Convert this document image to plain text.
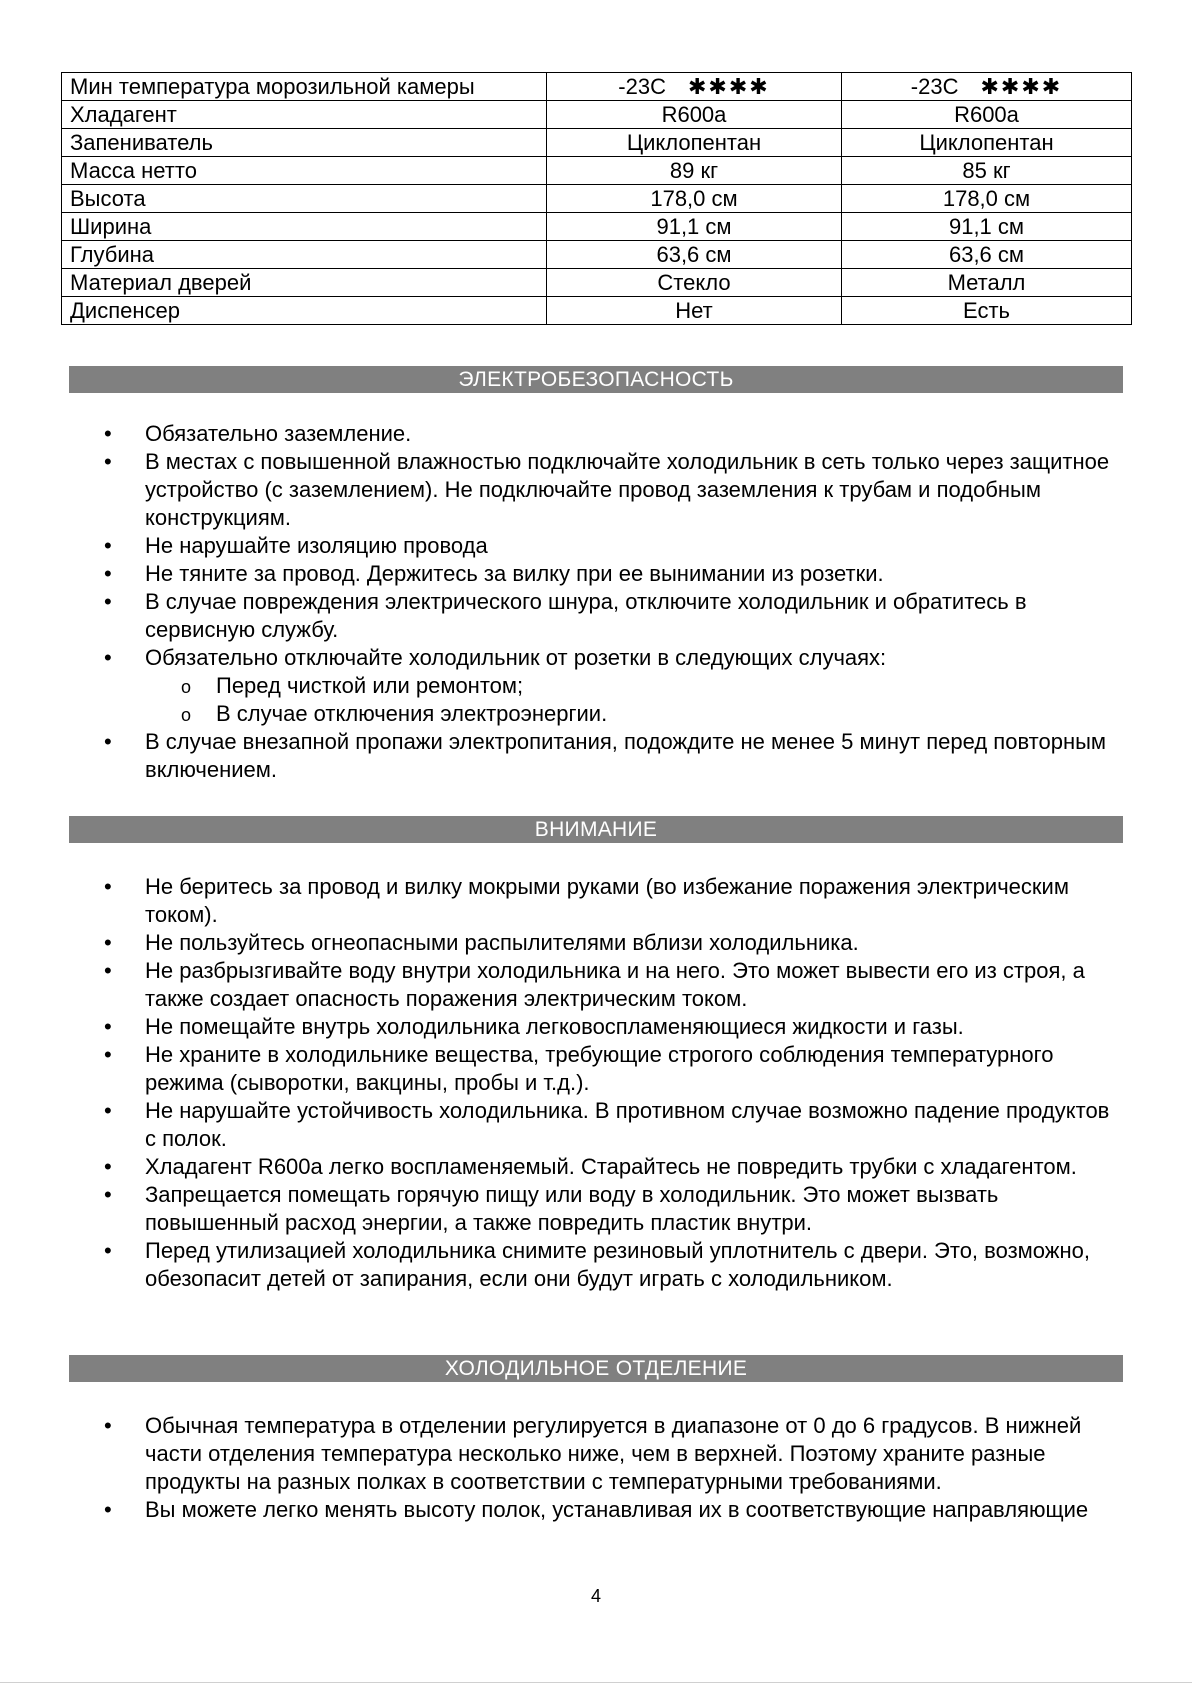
Мин температура морозильной камеры	-23С ✱✱✱✱	-23С ✱✱✱✱
Хладагент	R600a	R600a
Запениватель	Циклопентан	Циклопентан
Масса нетто	89 кг	85 кг
Высота	178,0 см	178,0 см
Ширина	91,1 см	91,1 см
Глубина	63,6 см	63,6 см
Материал дверей	Стекло	Металл
Диспенсер	Нет	Есть
ЭЛЕКТРОБЕЗОПАСНОСТЬ
• Обязательно заземление.
• В местах с повышенной влажностью подключайте холодильник в сеть только через защитное устройство (с заземлением). Не подключайте провод заземления к трубам и подобным конструкциям.
• Не нарушайте изоляцию провода
• Не тяните за провод. Держитесь за вилку при ее вынимании из розетки.
• В случае повреждения электрического шнура, отключите холодильник и обратитесь в сервисную службу.
• Обязательно отключайте холодильник от розетки в следующих случаях:
o Перед чисткой или ремонтом;
o В случае отключения электроэнергии.
• В случае внезапной пропажи электропитания, подождите не менее 5 минут перед повторным включением.
ВНИМАНИЕ
• Не беритесь за провод и вилку мокрыми руками (во избежание поражения электрическим током).
• Не пользуйтесь огнеопасными распылителями вблизи холодильника.
• Не разбрызгивайте воду внутри холодильника и на него. Это может вывести его из строя, а также создает опасность поражения электрическим током.
• Не помещайте внутрь холодильника легковоспламеняющиеся жидкости и газы.
• Не храните в холодильнике вещества, требующие строгого соблюдения температурного режима (сыворотки, вакцины, пробы и т.д.).
• Не нарушайте устойчивость холодильника. В противном случае возможно падение продуктов с полок.
• Хладагент R600a легко воспламеняемый. Старайтесь не повредить трубки с хладагентом.
• Запрещается помещать горячую пищу или воду в холодильник. Это может вызвать повышенный расход энергии, а также повредить пластик внутри.
• Перед утилизацией холодильника снимите резиновый уплотнитель с двери. Это, возможно, обезопасит детей от запирания, если они будут играть с холодильником.
ХОЛОДИЛЬНОЕ ОТДЕЛЕНИЕ
• Обычная температура в отделении регулируется в диапазоне от 0 до 6 градусов. В нижней части отделения температура несколько ниже, чем в верхней. Поэтому храните разные продукты на разных полках в соответствии с температурными требованиями.
• Вы можете легко менять высоту полок, устанавливая их в соответствующие направляющие
4
